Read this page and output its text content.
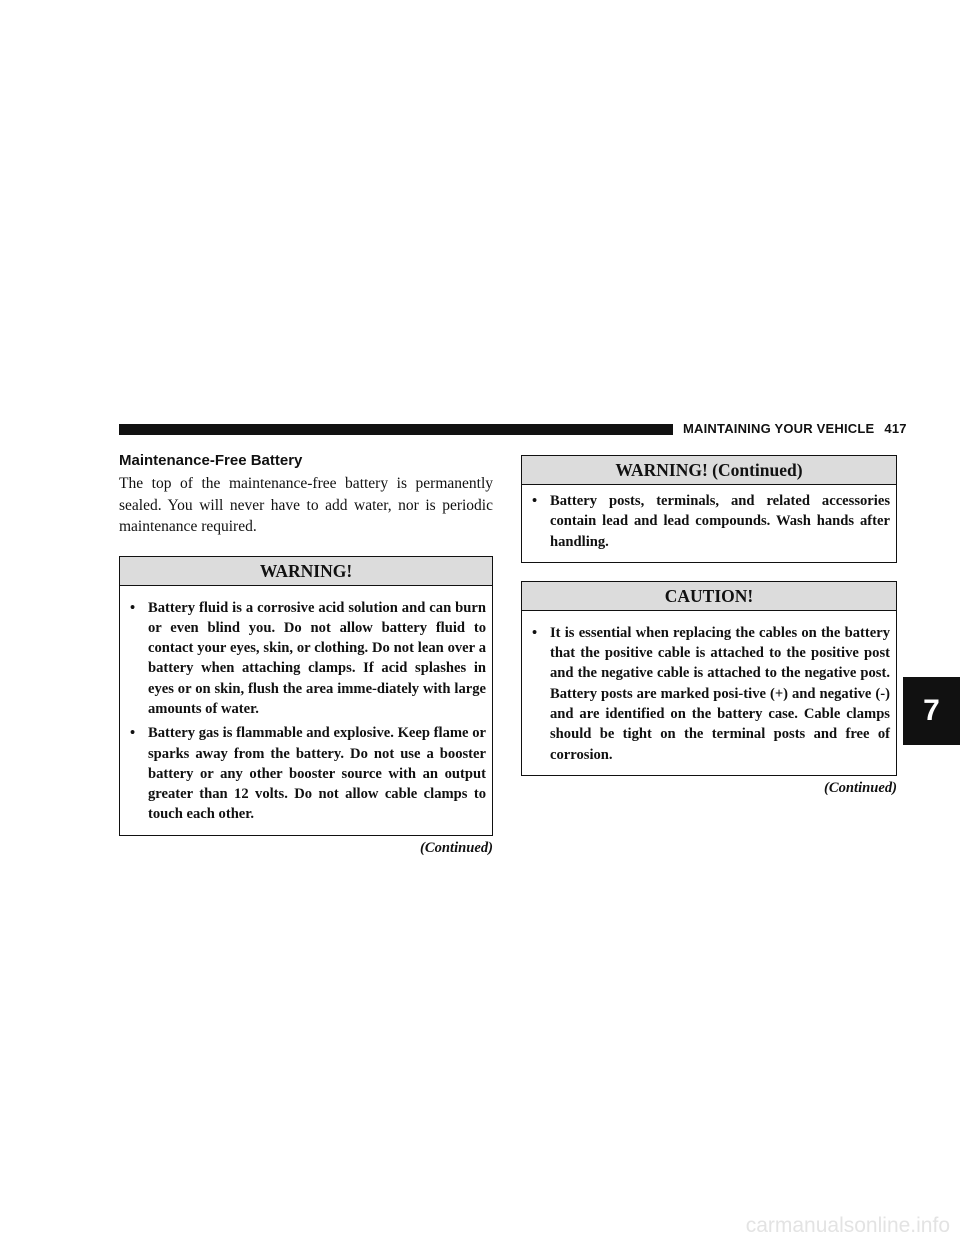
MAINTAINING YOUR VEHICLE 417
Maintenance-Free Battery

The top of the maintenance-free battery is permanently sealed. You will never have to add water, nor is periodic maintenance required.

WARNING!
• Battery fluid is a corrosive acid solution and can burn or even blind you. Do not allow battery fluid to contact your eyes, skin, or clothing. Do not lean over a battery when attaching clamps. If acid splashes in eyes or on skin, flush the area imme-diately with large amounts of water.
• Battery gas is flammable and explosive. Keep flame or sparks away from the battery. Do not use a booster battery or any other booster source with an output greater than 12 volts. Do not allow cable clamps to touch each other.
(Continued)
WARNING! (Continued)
• Battery posts, terminals, and related accessories contain lead and lead compounds. Wash hands after handling.
CAUTION!
• It is essential when replacing the cables on the battery that the positive cable is attached to the positive post and the negative cable is attached to the negative post. Battery posts are marked posi-tive (+) and negative (-) and are identified on the battery case. Cable clamps should be tight on the terminal posts and free of corrosion.
(Continued)
7
carmanualsonline.info
